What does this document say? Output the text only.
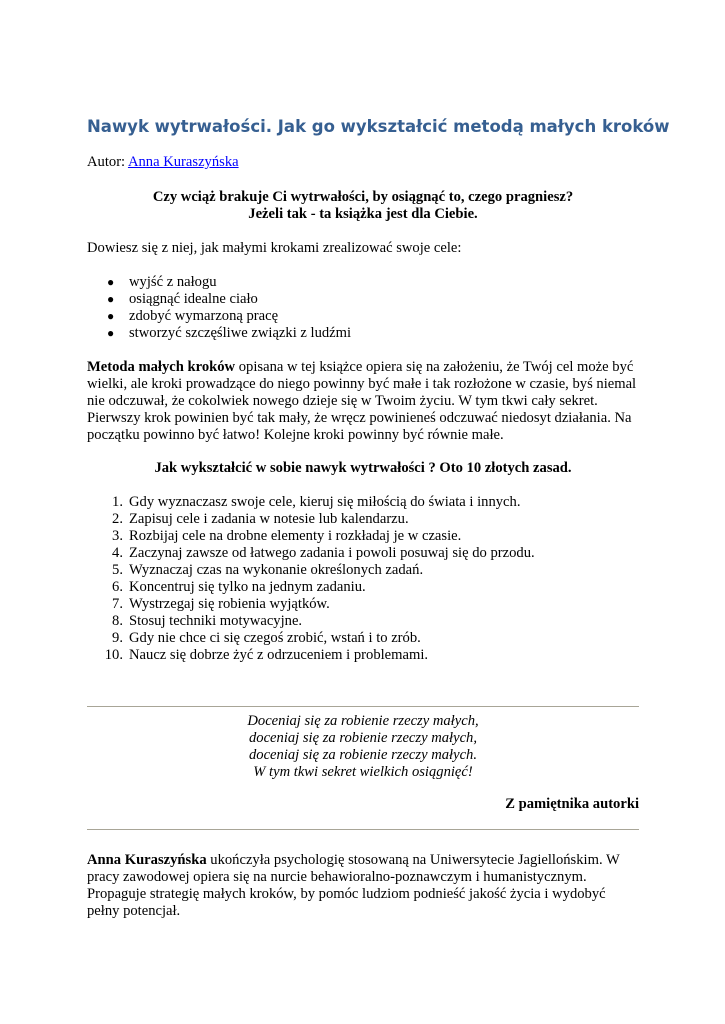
Nawyk wytrwałości. Jak go wykształcić metodą małych kroków

Autor: Anna Kuraszyńska

Czy wciąż brakuje Ci wytrwałości, by osiągnąć to, czego pragniesz?
Jeżeli tak - ta książka jest dla Ciebie.

Dowiesz się z niej, jak małymi krokami zrealizować swoje cele:

● wyjść z nałogu
● osiągnąć idealne ciało
● zdobyć wymarzoną pracę
● stworzyć szczęśliwe związki z ludźmi
Metoda małych kroków opisana w tej książce opiera się na założeniu, że Twój cel może być
wielki, ale kroki prowadzące do niego powinny być małe i tak rozłożone w czasie, byś niemal
nie odczuwał, że cokolwiek nowego dzieje się w Twoim życiu. W tym tkwi cały sekret.
Pierwszy krok powinien być tak mały, że wręcz powinieneś odczuwać niedosyt działania. Na
początku powinno być łatwo! Kolejne kroki powinny być równie małe.

Jak wykształcić w sobie nawyk wytrwałości ? Oto 10 złotych zasad.

1. Gdy wyznaczasz swoje cele, kieruj się miłością do świata i innych.
2. Zapisuj cele i zadania w notesie lub kalendarzu.
3. Rozbijaj cele na drobne elementy i rozkładaj je w czasie.
4. Zaczynaj zawsze od łatwego zadania i powoli posuwaj się do przodu.
5. Wyznaczaj czas na wykonanie określonych zadań.
6. Koncentruj się tylko na jednym zadaniu.
7. Wystrzegaj się robienia wyjątków.
8. Stosuj techniki motywacyjne.
9. Gdy nie chce ci się czegoś zrobić, wstań i to zrób.
10. Naucz się dobrze żyć z odrzuceniem i problemami.
Doceniaj się za robienie rzeczy małych,
doceniaj się za robienie rzeczy małych,
doceniaj się za robienie rzeczy małych.
W tym tkwi sekret wielkich osiągnięć!

Z pamiętnika autorki

Anna Kuraszyńska ukończyła psychologię stosowaną na Uniwersytecie Jagiellońskim. W
pracy zawodowej opiera się na nurcie behawioralno-poznawczym i humanistycznym.
Propaguje strategię małych kroków, by pomóc ludziom podnieść jakość życia i wydobyć
pełny potencjał.
